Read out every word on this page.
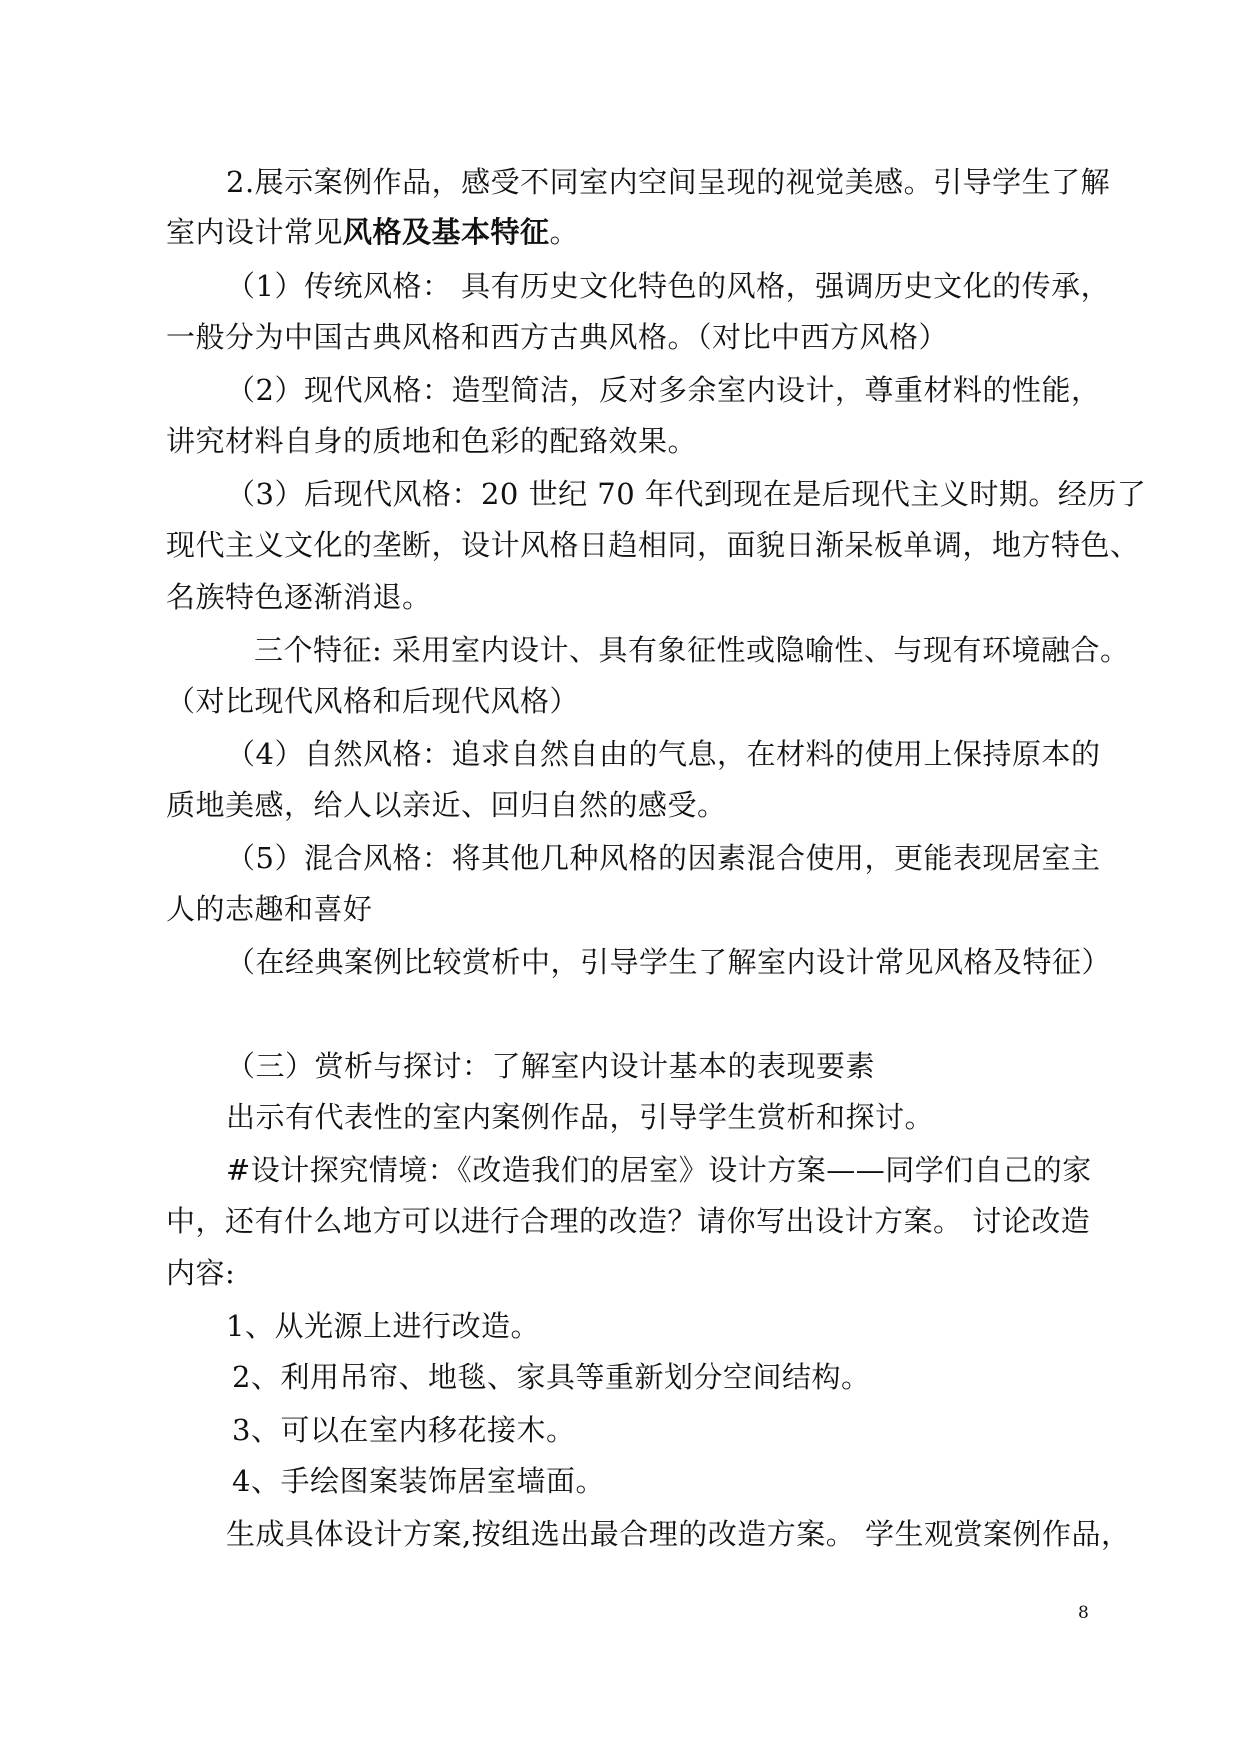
2.展示案例作品，感受不同室内空间呈现的视觉美感。引导学生了解
室内设计常见风格及基本特征。
（1）传统风格： 具有历史文化特色的风格，强调历史文化的传承，
一般分为中国古典风格和西方古典风格。（对比中西方风格）
（2）现代风格：造型简洁，反对多余室内设计，尊重材料的性能，
讲究材料自身的质地和色彩的配臵效果。
（3）后现代风格：20 世纪 70 年代到现在是后现代主义时期。经历了
现代主义文化的垄断，设计风格日趋相同，面貌日渐呆板单调，地方特色、
名族特色逐渐消退。
三个特征: 采用室内设计、具有象征性或隐喻性、与现有环境融合。
（对比现代风格和后现代风格）
（4）自然风格：追求自然自由的气息，在材料的使用上保持原本的
质地美感，给人以亲近、回归自然的感受。
（5）混合风格：将其他几种风格的因素混合使用，更能表现居室主
人的志趣和喜好
（在经典案例比较赏析中，引导学生了解室内设计常见风格及特征）
（三）赏析与探讨：了解室内设计基本的表现要素
出示有代表性的室内案例作品，引导学生赏析和探讨。
#设计探究情境：《改造我们的居室》设计方案——同学们自己的家
中，还有什么地方可以进行合理的改造？请你写出设计方案。 讨论改造
内容:
1、从光源上进行改造。
2、利用吊帘、地毯、家具等重新划分空间结构。
3、可以在室内移花接木。
4、手绘图案装饰居室墙面。
生成具体设计方案,按组选出最合理的改造方案。 学生观赏案例作品，
8
